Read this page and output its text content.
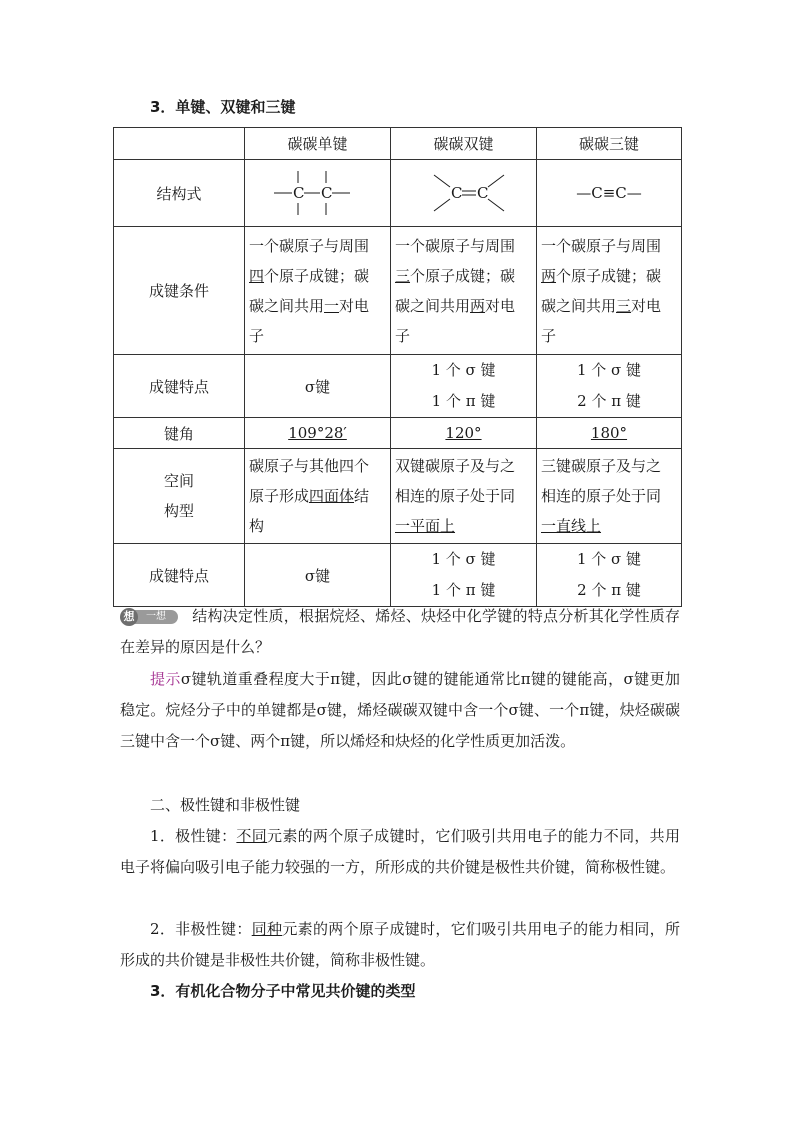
3．单键、双键和三键
	碳碳单键	碳碳双键	碳碳三键
结构式	C C	C C	—C≡C—

成键条件	一个碳原子与周围
四个原子成键；碳
碳之间共用一对电
子	一个碳原子与周围
三个原子成键；碳
碳之间共用两对电
子	一个碳原子与周围
两个原子成键；碳
碳之间共用三对电
子
成键特点	σ键	1 个 σ 键
1 个 π 键	1 个 σ 键
2 个 π 键
键角	109°28′	120°	180°
空间
构型	碳原子与其他四个
原子形成四面体结
构	双键碳原子及与之
相连的原子处于同
一平面上	三键碳原子及与之
相连的原子处于同
一直线上
成键特点	σ键	1 个 σ 键
1 个 π 键	1 个 σ 键
2 个 π 键
一想
想	结构决定性质，根据烷烃、烯烃、炔烃中化学键的特点分析其化学性质存在差异的原因是什么？
提示σ键轨道重叠程度大于π键，因此σ键的键能通常比π键的键能高，σ键更加稳定。烷烃分子中的单键都是σ键，烯烃碳碳双键中含一个σ键、一个π键，炔烃碳碳三键中含一个σ键、两个π键，所以烯烃和炔烃的化学性质更加活泼。
二、极性键和非极性键
1．极性键：不同元素的两个原子成键时，它们吸引共用电子的能力不同，共用电子将偏向吸引电子能力较强的一方，所形成的共价键是极性共价键，简称极性键。
2．非极性键：同种元素的两个原子成键时，它们吸引共用电子的能力相同，所形成的共价键是非极性共价键，简称非极性键。
3．有机化合物分子中常见共价键的类型
